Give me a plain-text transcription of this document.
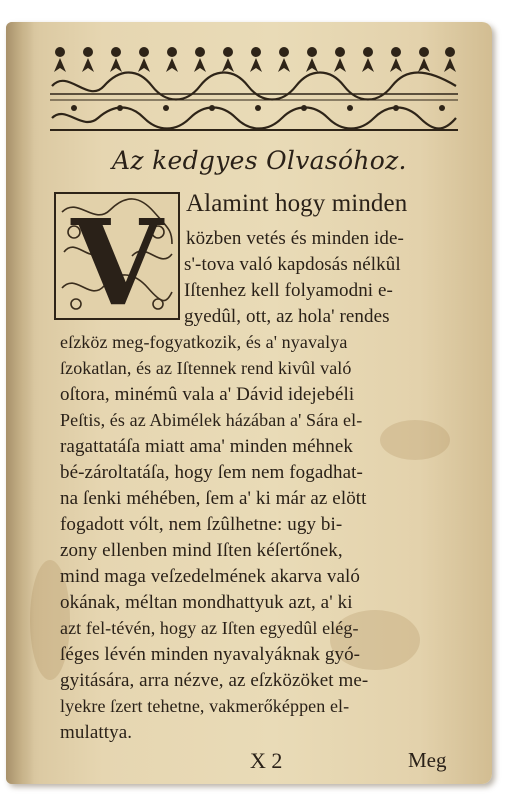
Az kedgyes Olvasóhoz.
V Alamint hogy minden
közben vetés és minden ide-
s'-tova való kapdosás nélkûl
Iſtenhez kell folyamodni e-
gyedûl, ott, az hola' rendes
eſzköz meg-fogyatkozik, és a' nyavalya
ſzokatlan, és az Iſtennek rend kivûl való
oſtora, minémû vala a' Dávid idejebéli
Peſtis, és az Abimélek házában a' Sára el-
ragattatáſa miatt ama' minden méhnek
bé-zároltatáſa, hogy ſem nem fogadhat-
na ſenki méhében, ſem a' ki már az elött
fogadott vólt, nem ſzûlhetne: ugy bi-
zony ellenben mind Iſten kéſertőnek,
mind maga veſzedelmének akarva való
okának, méltan mondhattyuk azt, a' ki
azt fel-tévén, hogy az Iſten egyedûl elég-
ſéges lévén minden nyavalyáknak gyó-
gyitására, arra nézve, az eſzközöket me-
lyekre ſzert tehetne, vakmerőképpen el-
mulattya.
X 2	Meg
